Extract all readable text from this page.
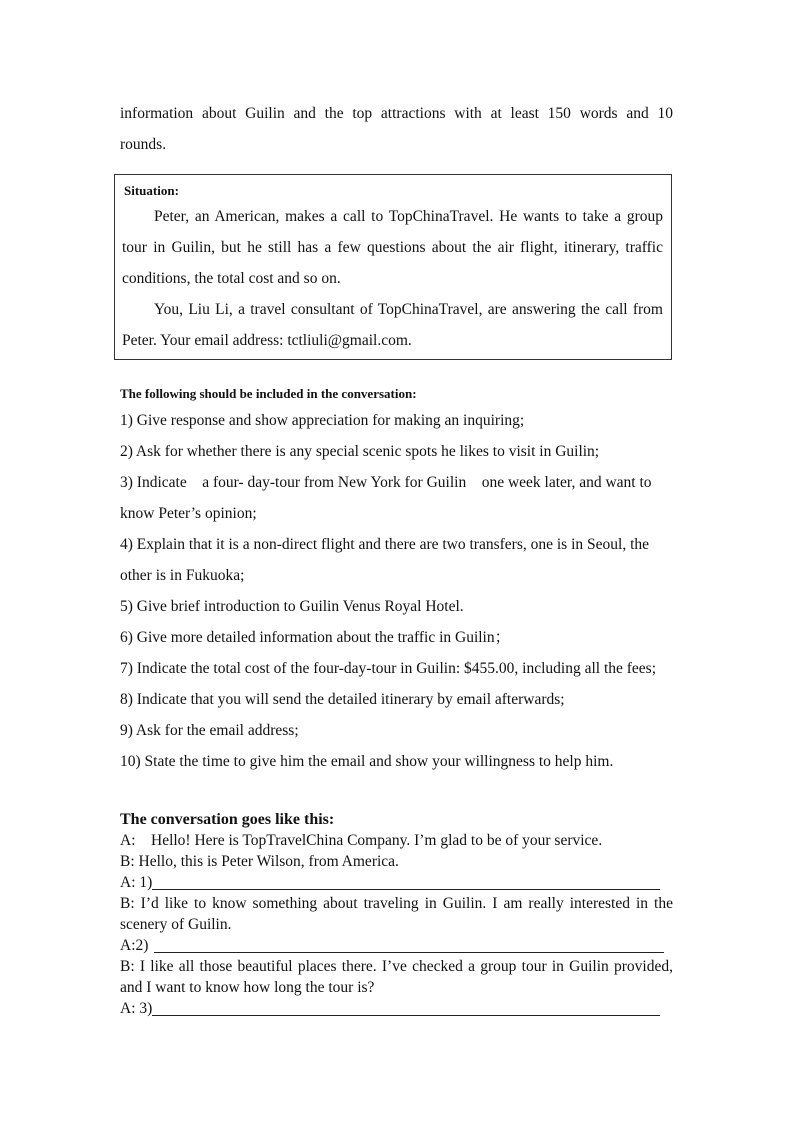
information about Guilin and the top attractions with at least 150 words and 10
rounds.
Situation:
Peter, an American, makes a call to TopChinaTravel. He wants to take a group
tour in Guilin, but he still has a few questions about the air flight, itinerary, traffic
conditions, the total cost and so on.
You, Liu Li, a travel consultant of TopChinaTravel, are answering the call from
Peter. Your email address: tctliuli@gmail.com.
The following should be included in the conversation:
1) Give response and show appreciation for making an inquiring;
2) Ask for whether there is any special scenic spots he likes to visit in Guilin;
3) Indicate    a four- day-tour from New York for Guilin    one week later, and want to
know Peter’s opinion;
4) Explain that it is a non-direct flight and there are two transfers, one is in Seoul, the
other is in Fukuoka;
5) Give brief introduction to Guilin Venus Royal Hotel.
6) Give more detailed information about the traffic in Guilin；
7) Indicate the total cost of the four-day-tour in Guilin: $455.00, including all the fees;
8) Indicate that you will send the detailed itinerary by email afterwards;
9) Ask for the email address;
10) State the time to give him the email and show your willingness to help him.
The conversation goes like this:
A:    Hello! Here is TopTravelChina Company. I’m glad to be of your service.
B: Hello, this is Peter Wilson, from America.
A: 1)
B: I’d like to know something about traveling in Guilin. I am really interested in the
scenery of Guilin.
A:2)
B: I like all those beautiful places there. I’ve checked a group tour in Guilin provided,
and I want to know how long the tour is?
A: 3)
